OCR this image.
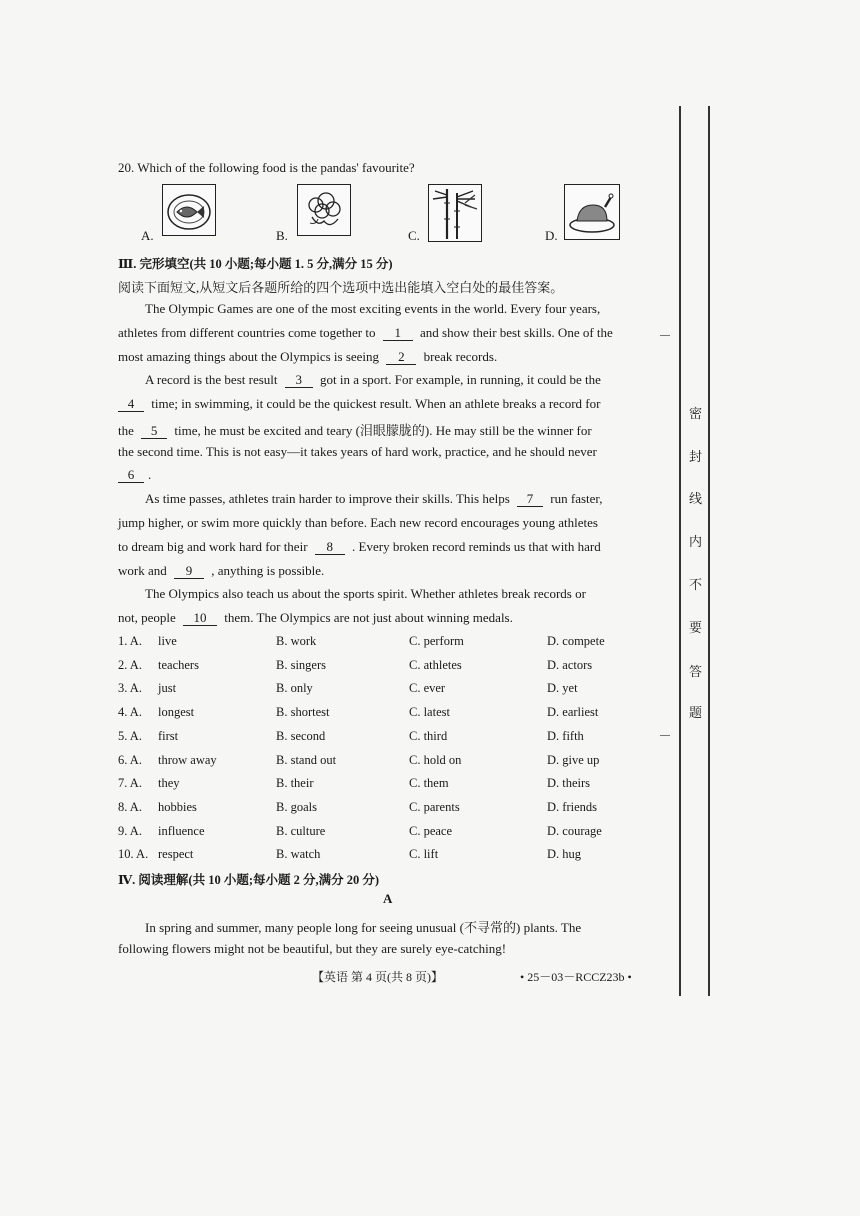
20. Which of the following food is the pandas' favourite?
A.	B.	C.	D.
Ⅲ. 完形填空(共 10 小题;每小题 1. 5 分,满分 15 分)
阅读下面短文,从短文后各题所给的四个选项中选出能填入空白处的最佳答案。
The Olympic Games are one of the most exciting events in the world. Every four years,
athletes from different countries come together to 1 and show their best skills. One of the
most amazing things about the Olympics is seeing 2 break records.
A record is the best result 3 got in a sport. For example, in running, it could be the
4 time; in swimming, it could be the quickest result. When an athlete breaks a record for
the 5 time, he must be excited and teary (泪眼朦胧的). He may still be the winner for
the second time. This is not easy—it takes years of hard work, practice, and he should never
6 .
As time passes, athletes train harder to improve their skills. This helps 7 run faster,
jump higher, or swim more quickly than before. Each new record encourages young athletes
to dream big and work hard for their 8 . Every broken record reminds us that with hard
work and 9 , anything is possible.
The Olympics also teach us about the sports spirit. Whether athletes break records or
not, people 10 them. The Olympics are not just about winning medals.
1. A. live	B. work	C. perform	D. compete
2. A. teachers	B. singers	C. athletes	D. actors
3. A. just	B. only	C. ever	D. yet
4. A. longest	B. shortest	C. latest	D. earliest
5. A. first	B. second	C. third	D. fifth
6. A. throw away	B. stand out	C. hold on	D. give up
7. A. they	B. their	C. them	D. theirs
8. A. hobbies	B. goals	C. parents	D. friends
9. A. influence	B. culture	C. peace	D. courage
10. A. respect	B. watch	C. lift	D. hug
Ⅳ. 阅读理解(共 10 小题;每小题 2 分,满分 20 分)
A
In spring and summer, many people long for seeing unusual (不寻常的) plants. The
following flowers might not be beautiful, but they are surely eye-catching!
【英语 第 4 页(共 8 页)】	• 25－03－RCCZ23b •
密
封
线
内
不
要
答
题
